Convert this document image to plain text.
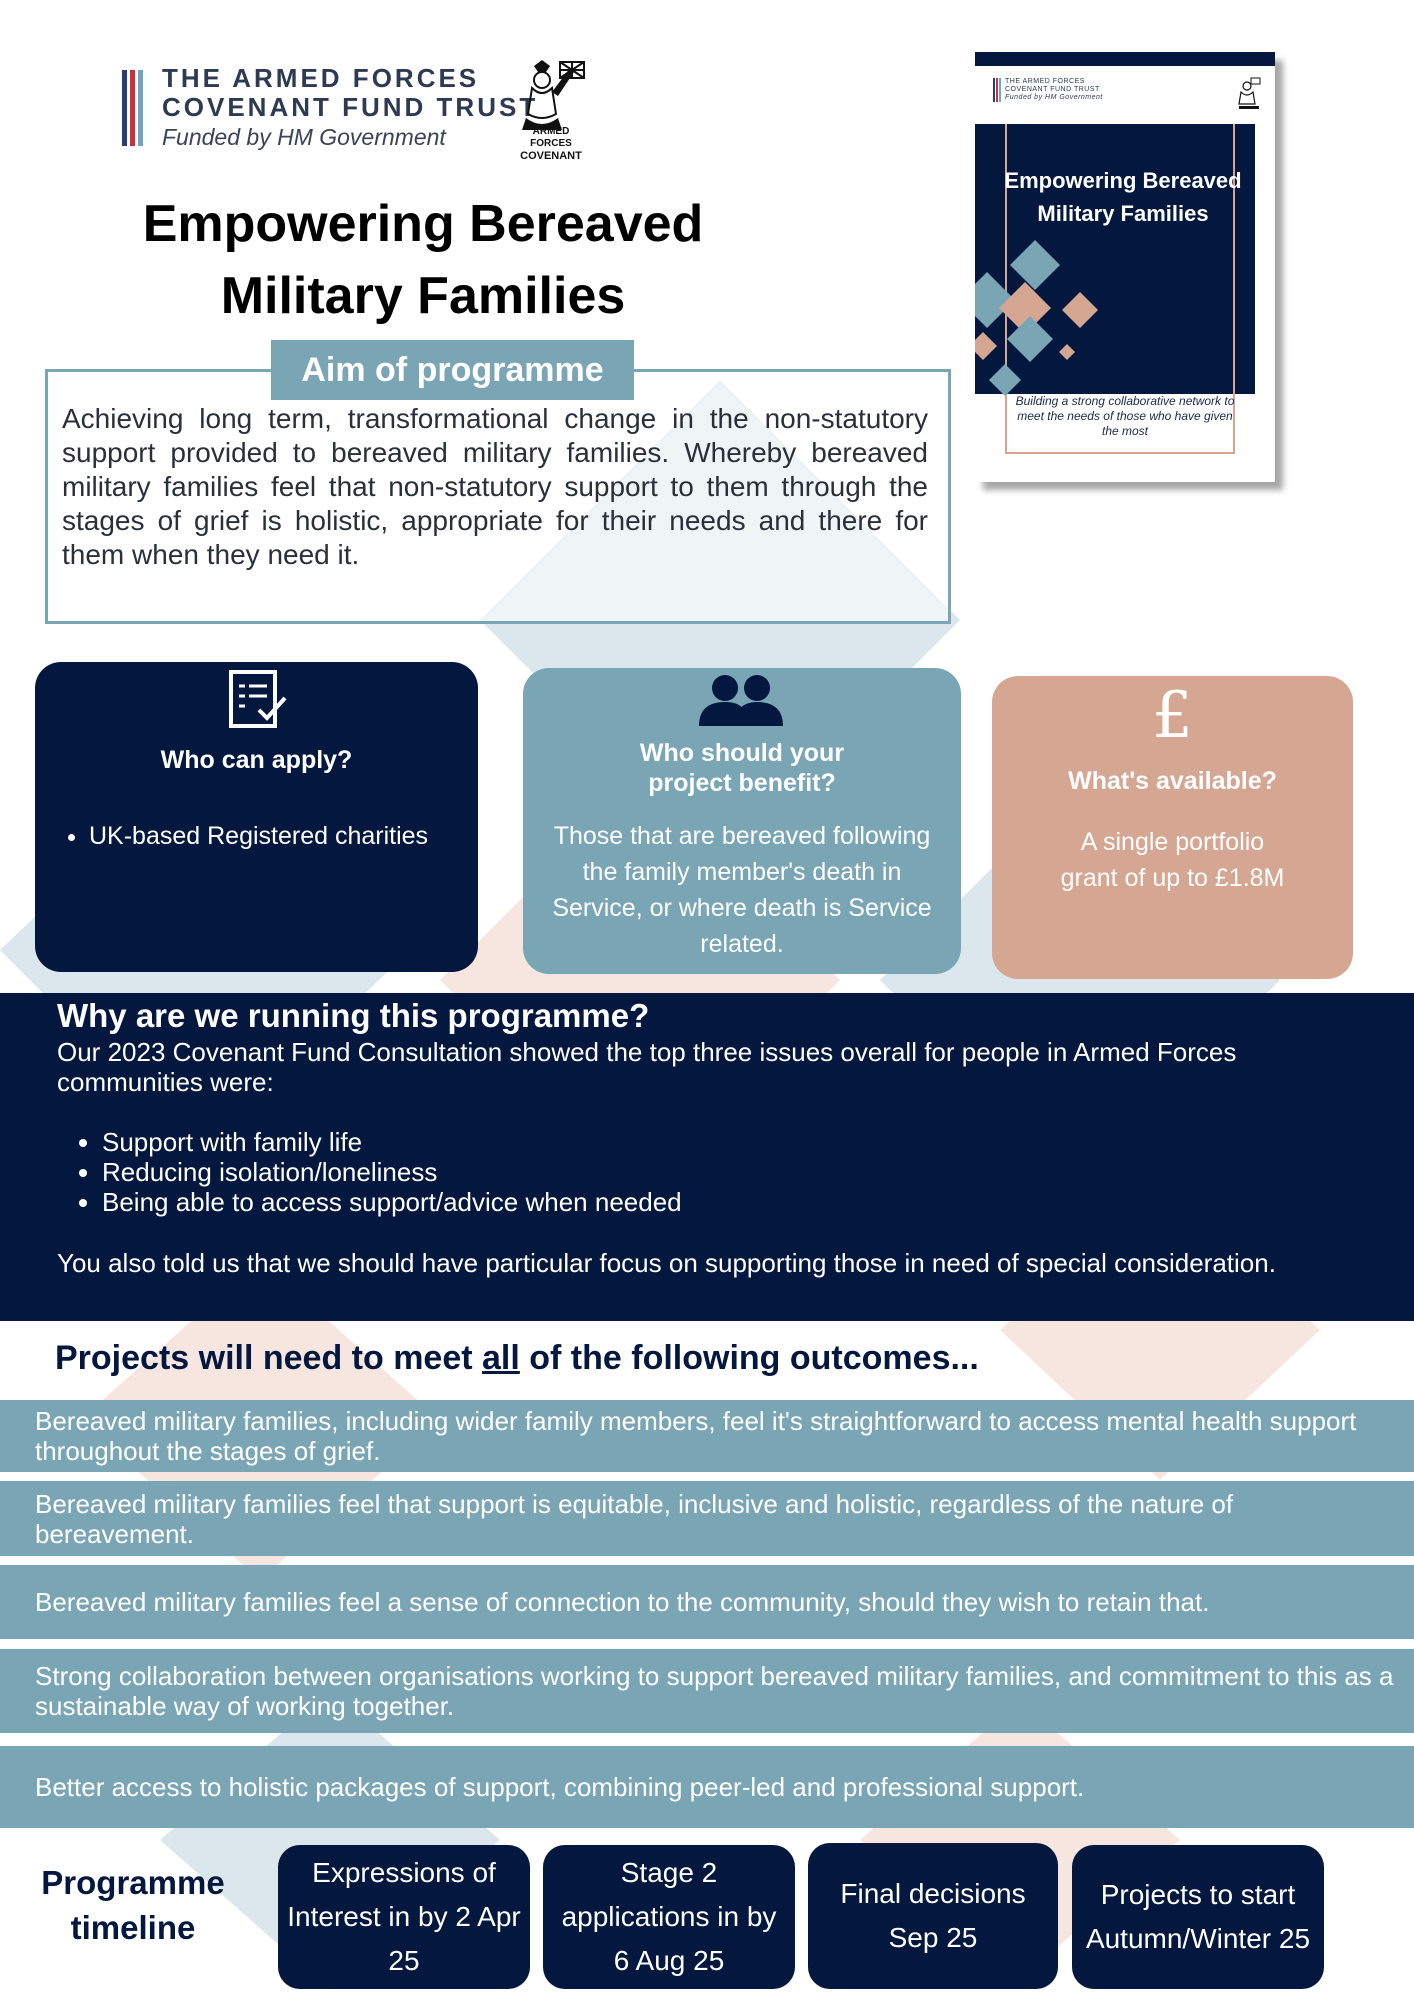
THE ARMED FORCES
COVENANT FUND TRUST
Funded by HM Government	ARMED FORCES
COVENANT
Empowering Bereaved
Military Families
THE ARMED FORCES
COVENANT FUND TRUST
Funded by HM Government
Empowering Bereaved Military Families
Building a strong collaborative network to meet the needs of those who have given the most
Aim of programme
Achieving long term, transformational change in the non-statutory support provided to bereaved military families. Whereby bereaved military families feel that non-statutory support to them through the stages of grief is holistic, appropriate for their needs and there for them when they need it.
Who can apply?
• UK-based Registered charities
Who should your
project benefit?
Those that are bereaved following the family member's death in Service, or where death is Service related.
£
What's available?
A single portfolio
grant of up to £1.8M
Why are we running this programme?
Our 2023 Covenant Fund Consultation showed the top three issues overall for people in Armed Forces communities were:
• Support with family life
• Reducing isolation/loneliness
• Being able to access support/advice when needed
You also told us that we should have particular focus on supporting those in need of special consideration.
Projects will need to meet all of the following outcomes...
Bereaved military families, including wider family members, feel it's straightforward to access mental health support throughout the stages of grief.
Bereaved military families feel that support is equitable, inclusive and holistic, regardless of the nature of bereavement.
Bereaved military families feel a sense of connection to the community, should they wish to retain that.
Strong collaboration between organisations working to support bereaved military families, and commitment to this as a sustainable way of working together.
Better access to holistic packages of support, combining peer-led and professional support.
Programme
timeline
Expressions of Interest in by 2 Apr 25
Stage 2 applications in by 6 Aug 25
Final decisions Sep 25
Projects to start Autumn/Winter 25
